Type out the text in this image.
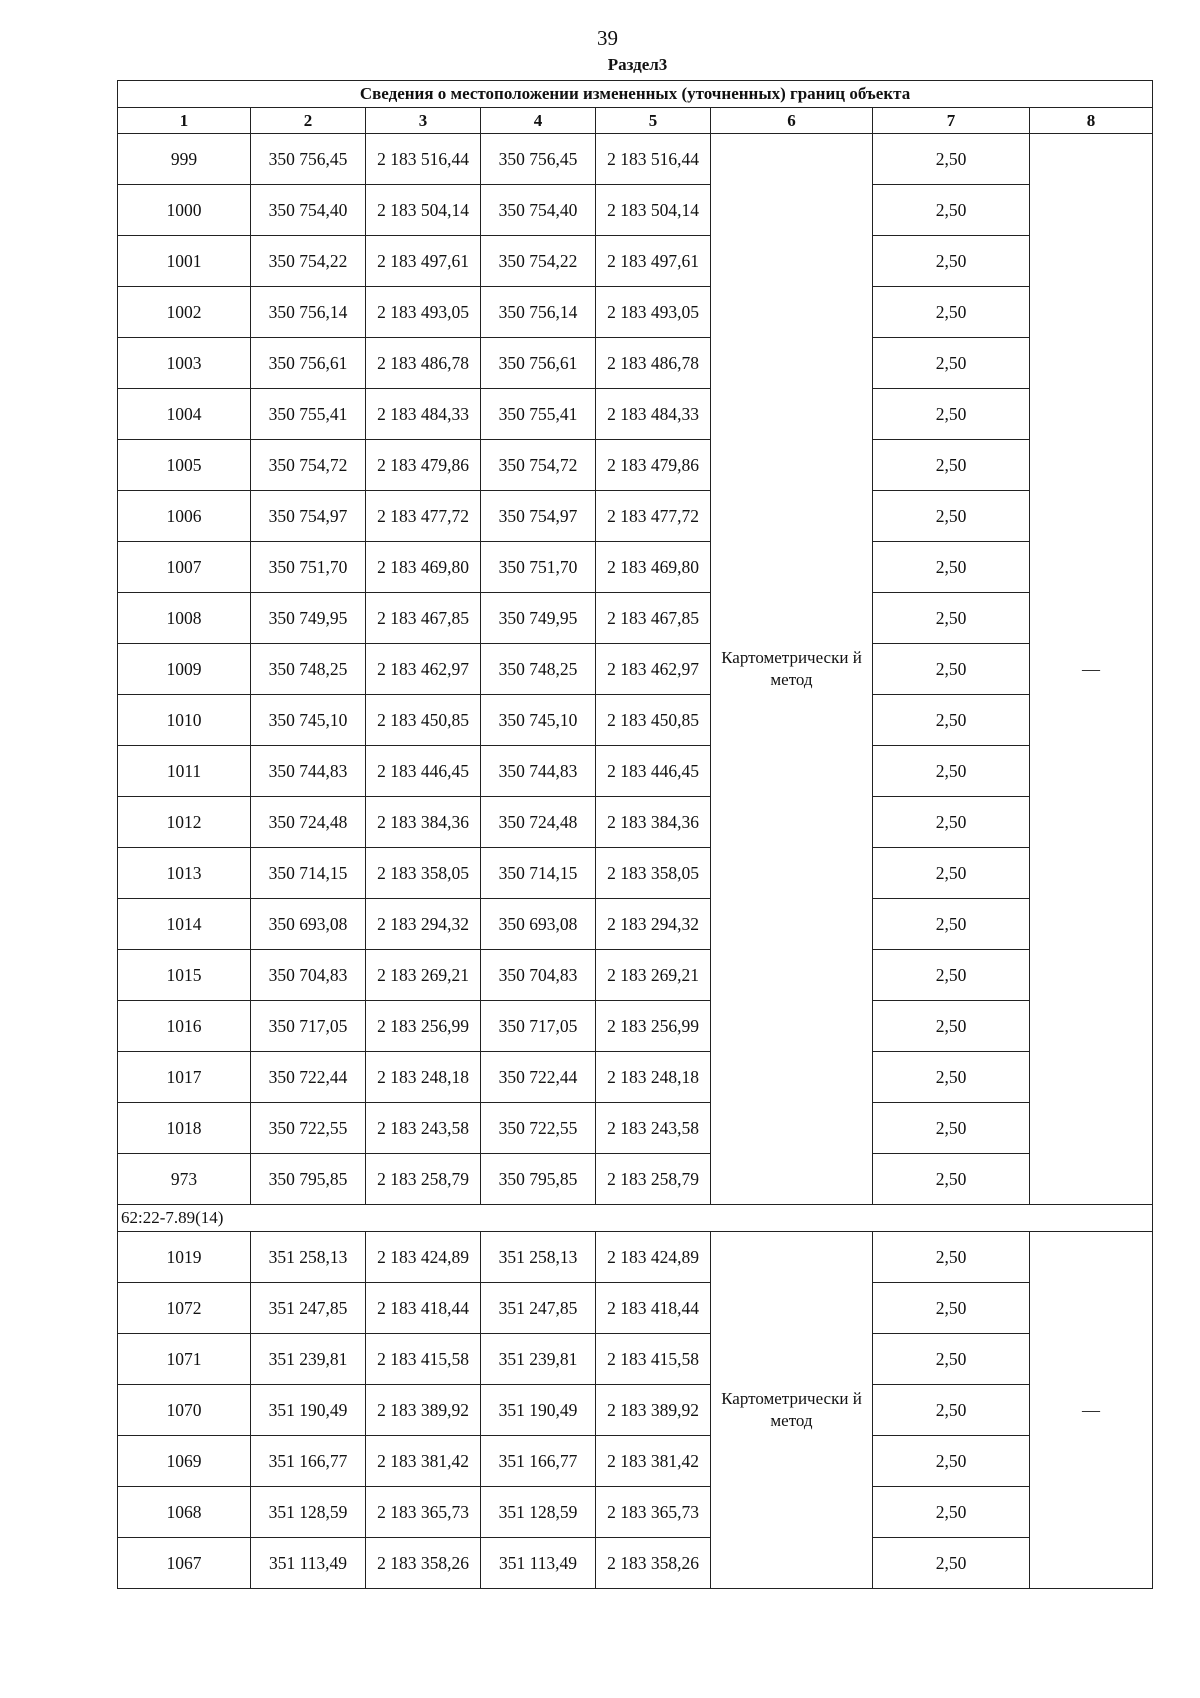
39
Раздел3
Сведения о местоположении измененных (уточненных) границ объекта							
1	2	3	4	5	6	7	8
999	350 756,45	2 183 516,44	350 756,45	2 183 516,44		2,50	
1000	350 754,40	2 183 504,14	350 754,40	2 183 504,14		2,50	
1001	350 754,22	2 183 497,61	350 754,22	2 183 497,61		2,50	
1002	350 756,14	2 183 493,05	350 756,14	2 183 493,05		2,50	
1003	350 756,61	2 183 486,78	350 756,61	2 183 486,78		2,50	
1004	350 755,41	2 183 484,33	350 755,41	2 183 484,33		2,50	
1005	350 754,72	2 183 479,86	350 754,72	2 183 479,86		2,50	
1006	350 754,97	2 183 477,72	350 754,97	2 183 477,72		2,50	
1007	350 751,70	2 183 469,80	350 751,70	2 183 469,80		2,50	
1008	350 749,95	2 183 467,85	350 749,95	2 183 467,85		2,50	
1009	350 748,25	2 183 462,97	350 748,25	2 183 462,97	Картометрически й метод	2,50	—
1010	350 745,10	2 183 450,85	350 745,10	2 183 450,85		2,50	
1011	350 744,83	2 183 446,45	350 744,83	2 183 446,45		2,50	
1012	350 724,48	2 183 384,36	350 724,48	2 183 384,36		2,50	
1013	350 714,15	2 183 358,05	350 714,15	2 183 358,05		2,50	
1014	350 693,08	2 183 294,32	350 693,08	2 183 294,32		2,50	
1015	350 704,83	2 183 269,21	350 704,83	2 183 269,21		2,50	
1016	350 717,05	2 183 256,99	350 717,05	2 183 256,99		2,50	
1017	350 722,44	2 183 248,18	350 722,44	2 183 248,18		2,50	
1018	350 722,55	2 183 243,58	350 722,55	2 183 243,58		2,50	
973	350 795,85	2 183 258,79	350 795,85	2 183 258,79		2,50	
62:22-7.89(14)							
1019	351 258,13	2 183 424,89	351 258,13	2 183 424,89		2,50	
1072	351 247,85	2 183 418,44	351 247,85	2 183 418,44		2,50	
1071	351 239,81	2 183 415,58	351 239,81	2 183 415,58		2,50	
1070	351 190,49	2 183 389,92	351 190,49	2 183 389,92	Картометрически й метод	2,50	—
1069	351 166,77	2 183 381,42	351 166,77	2 183 381,42		2,50	
1068	351 128,59	2 183 365,73	351 128,59	2 183 365,73		2,50	
1067	351 113,49	2 183 358,26	351 113,49	2 183 358,26		2,50	
